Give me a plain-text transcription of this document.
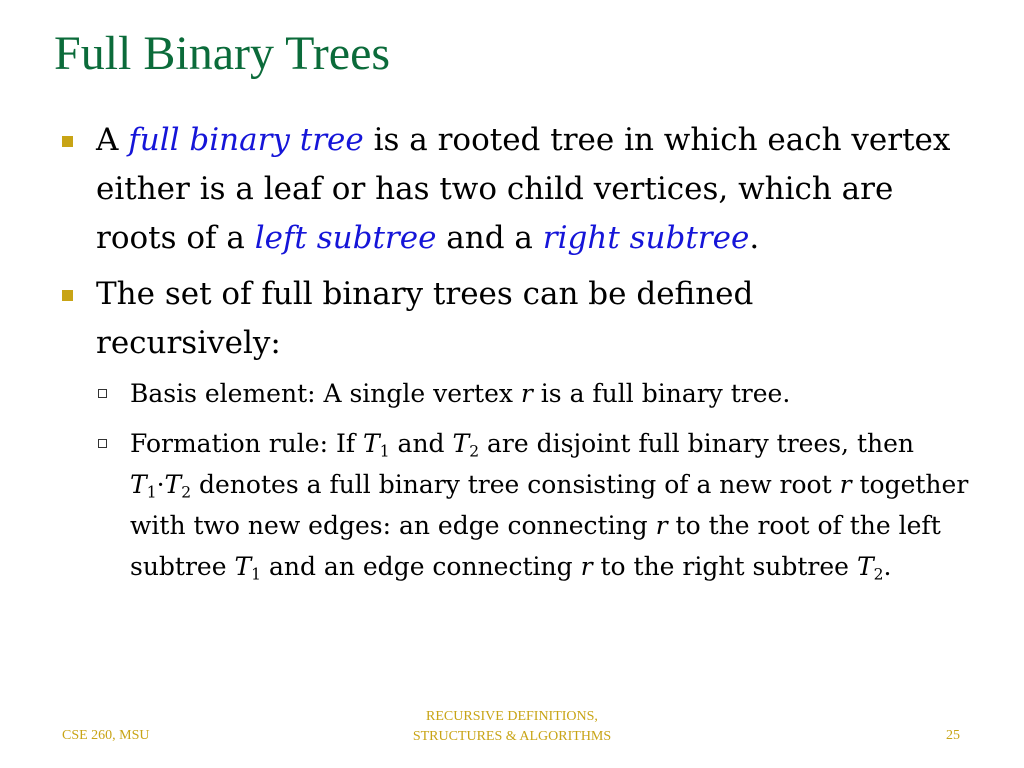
Full Binary Trees
A full binary tree is a rooted tree in which each vertex either is a leaf or has two child vertices, which are roots of a left subtree and a right subtree.
The set of full binary trees can be defined recursively:
Basis element: A single vertex r is a full binary tree.
Formation rule: If $T_1$ and $T_2$ are disjoint full binary trees, then $T_1\cdot T_2$ denotes a full binary tree consisting of a new root r together with two new edges: an edge connecting r to the root of the left subtree $T_1$ and an edge connecting r to the right subtree $T_2$.
CSE 260, MSU
RECURSIVE DEFINITIONS,
STRUCTURES & ALGORITHMS	25
